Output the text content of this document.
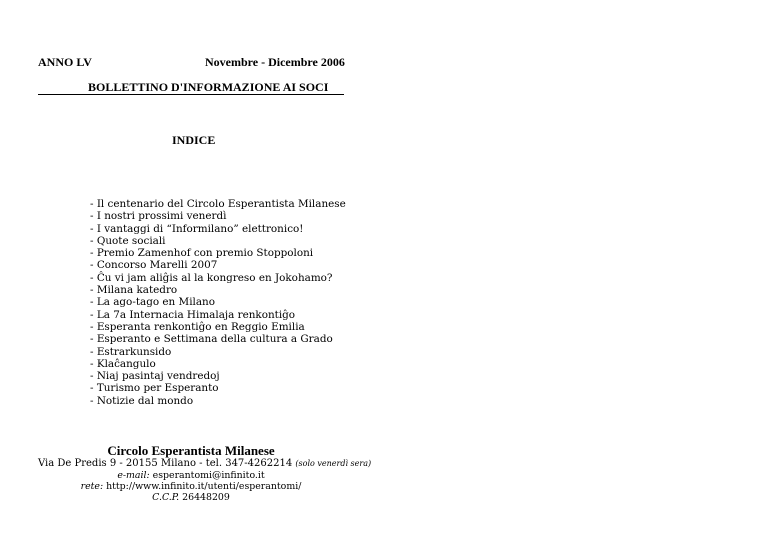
ANNO LV	Novembre - Dicembre 2006
BOLLETTINO D'INFORMAZIONE AI SOCI
INDICE
- Il centenario del Circolo Esperantista Milanese
- I nostri prossimi venerdì
- I vantaggi di “Informilano” elettronico!
- Quote sociali
- Premio Zamenhof con premio Stoppoloni
- Concorso Marelli 2007
- Ĉu vi jam aliĝis al la kongreso en Jokohamo?
- Milana katedro
- La ago-tago en Milano
- La 7a Internacia Himalaja renkontiĝo
- Esperanta renkontiĝo en Reggio Emilia
- Esperanto e Settimana della cultura a Grado
- Estrarkunsido
- Klaĉangulo
- Niaj pasintaj vendredoj
- Turismo per Esperanto
- Notizie dal mondo
Circolo Esperantista Milanese
Via De Predis 9 - 20155 Milano - tel. 347-4262214 (solo venerdì sera)
e-mail: esperantomi@infinito.it
rete: http://www.infinito.it/utenti/esperantomi/
C.C.P. 26448209
